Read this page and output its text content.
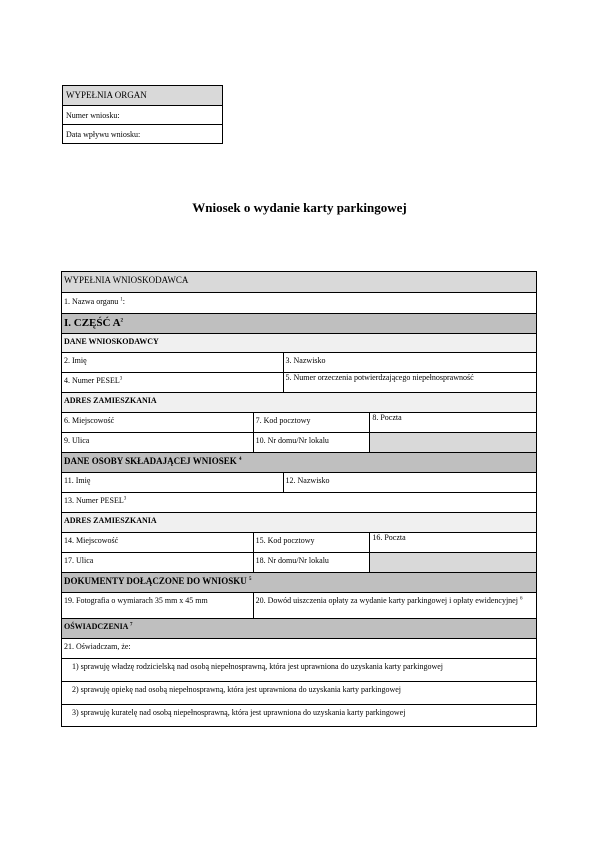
WYPEŁNIA ORGAN
Numer wniosku:
Data wpływu wniosku:
Wniosek o wydanie karty parkingowej
WYPEŁNIA WNIOSKODAWCA
1. Nazwa organu $^1$:
I. CZĘŚĆ $A^2$
DANE WNIOSKODAWCY
2. Imię	3. Nazwisko
4. Numer PESEL$^3$	5. Numer orzeczenia potwierdzającego niepełnosprawność
ADRES ZAMIESZKANIA
6. Miejscowość	7. Kod pocztowy	8. Poczta
9. Ulica	10. Nr domu/Nr lokalu
DANE OSOBY SKŁADAJĄCEJ WNIOSEK $^4$
11. Imię	12. Nazwisko
13. Numer PESEL$^3$
ADRES ZAMIESZKANIA
14. Miejscowość	15. Kod pocztowy	16. Poczta
17. Ulica	18. Nr domu/Nr lokalu
DOKUMENTY DOŁĄCZONE DO WNIOSKU $^5$
19. Fotografia o wymiarach 35 mm x 45 mm	20. Dowód uiszczenia opłaty za wydanie karty parkingowej i opłaty ewidencyjnej $^6$
OŚWIADCZENIA $^7$
21. Oświadczam, że:
1) sprawuję władzę rodzicielską nad osobą niepełnosprawną, która jest uprawniona do uzyskania karty parkingowej
2) sprawuję opiekę nad osobą niepełnosprawną, która jest uprawniona do uzyskania karty parkingowej
3) sprawuję kuratelę nad osobą niepełnosprawną, która jest uprawniona do uzyskania karty parkingowej
